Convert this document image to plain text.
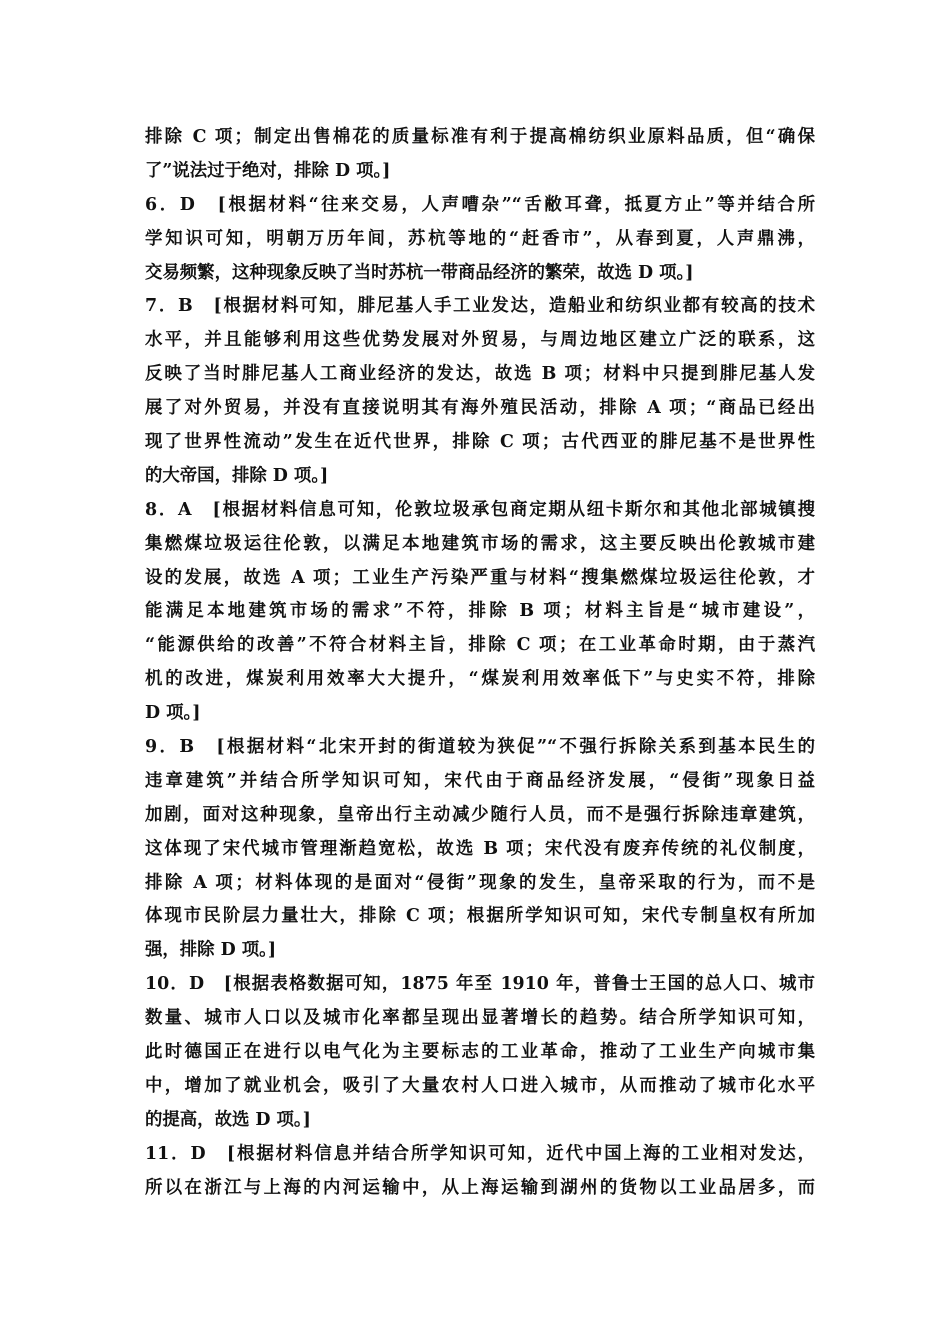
排除 C 项；制定出售棉花的质量标准有利于提高棉纺织业原料品质，但“确保
了”说法过于绝对，排除 D 项。]
6．D　[根据材料“往来交易，人声嘈杂”“舌敝耳聋，抵夏方止”等并结合所
学知识可知，明朝万历年间，苏杭等地的“赶香市”，从春到夏，人声鼎沸，
交易频繁，这种现象反映了当时苏杭一带商品经济的繁荣，故选 D 项。]
7．B　[根据材料可知，腓尼基人手工业发达，造船业和纺织业都有较高的技术
水平，并且能够利用这些优势发展对外贸易，与周边地区建立广泛的联系，这
反映了当时腓尼基人工商业经济的发达，故选 B 项；材料中只提到腓尼基人发
展了对外贸易，并没有直接说明其有海外殖民活动，排除 A 项；“商品已经出
现了世界性流动”发生在近代世界，排除 C 项；古代西亚的腓尼基不是世界性
的大帝国，排除 D 项。]
8．A　[根据材料信息可知，伦敦垃圾承包商定期从纽卡斯尔和其他北部城镇搜
集燃煤垃圾运往伦敦，以满足本地建筑市场的需求，这主要反映出伦敦城市建
设的发展，故选 A 项；工业生产污染严重与材料“搜集燃煤垃圾运往伦敦，才
能满足本地建筑市场的需求”不符，排除 B 项；材料主旨是“城市建设”，
“能源供给的改善”不符合材料主旨，排除 C 项；在工业革命时期，由于蒸汽
机的改进，煤炭利用效率大大提升，“煤炭利用效率低下”与史实不符，排除
D 项。]
9．B　[根据材料“北宋开封的街道较为狭促”“不强行拆除关系到基本民生的
违章建筑”并结合所学知识可知，宋代由于商品经济发展，“侵街”现象日益
加剧，面对这种现象，皇帝出行主动减少随行人员，而不是强行拆除违章建筑，
这体现了宋代城市管理渐趋宽松，故选 B 项；宋代没有废弃传统的礼仪制度，
排除 A 项；材料体现的是面对“侵街”现象的发生，皇帝采取的行为，而不是
体现市民阶层力量壮大，排除 C 项；根据所学知识可知，宋代专制皇权有所加
强，排除 D 项。]
10．D　[根据表格数据可知，1875 年至 1910 年，普鲁士王国的总人口、城市
数量、城市人口以及城市化率都呈现出显著增长的趋势。结合所学知识可知，
此时德国正在进行以电气化为主要标志的工业革命，推动了工业生产向城市集
中，增加了就业机会，吸引了大量农村人口进入城市，从而推动了城市化水平
的提高，故选 D 项。]
11．D　[根据材料信息并结合所学知识可知，近代中国上海的工业相对发达，
所以在浙江与上海的内河运输中，从上海运输到湖州的货物以工业品居多，而
